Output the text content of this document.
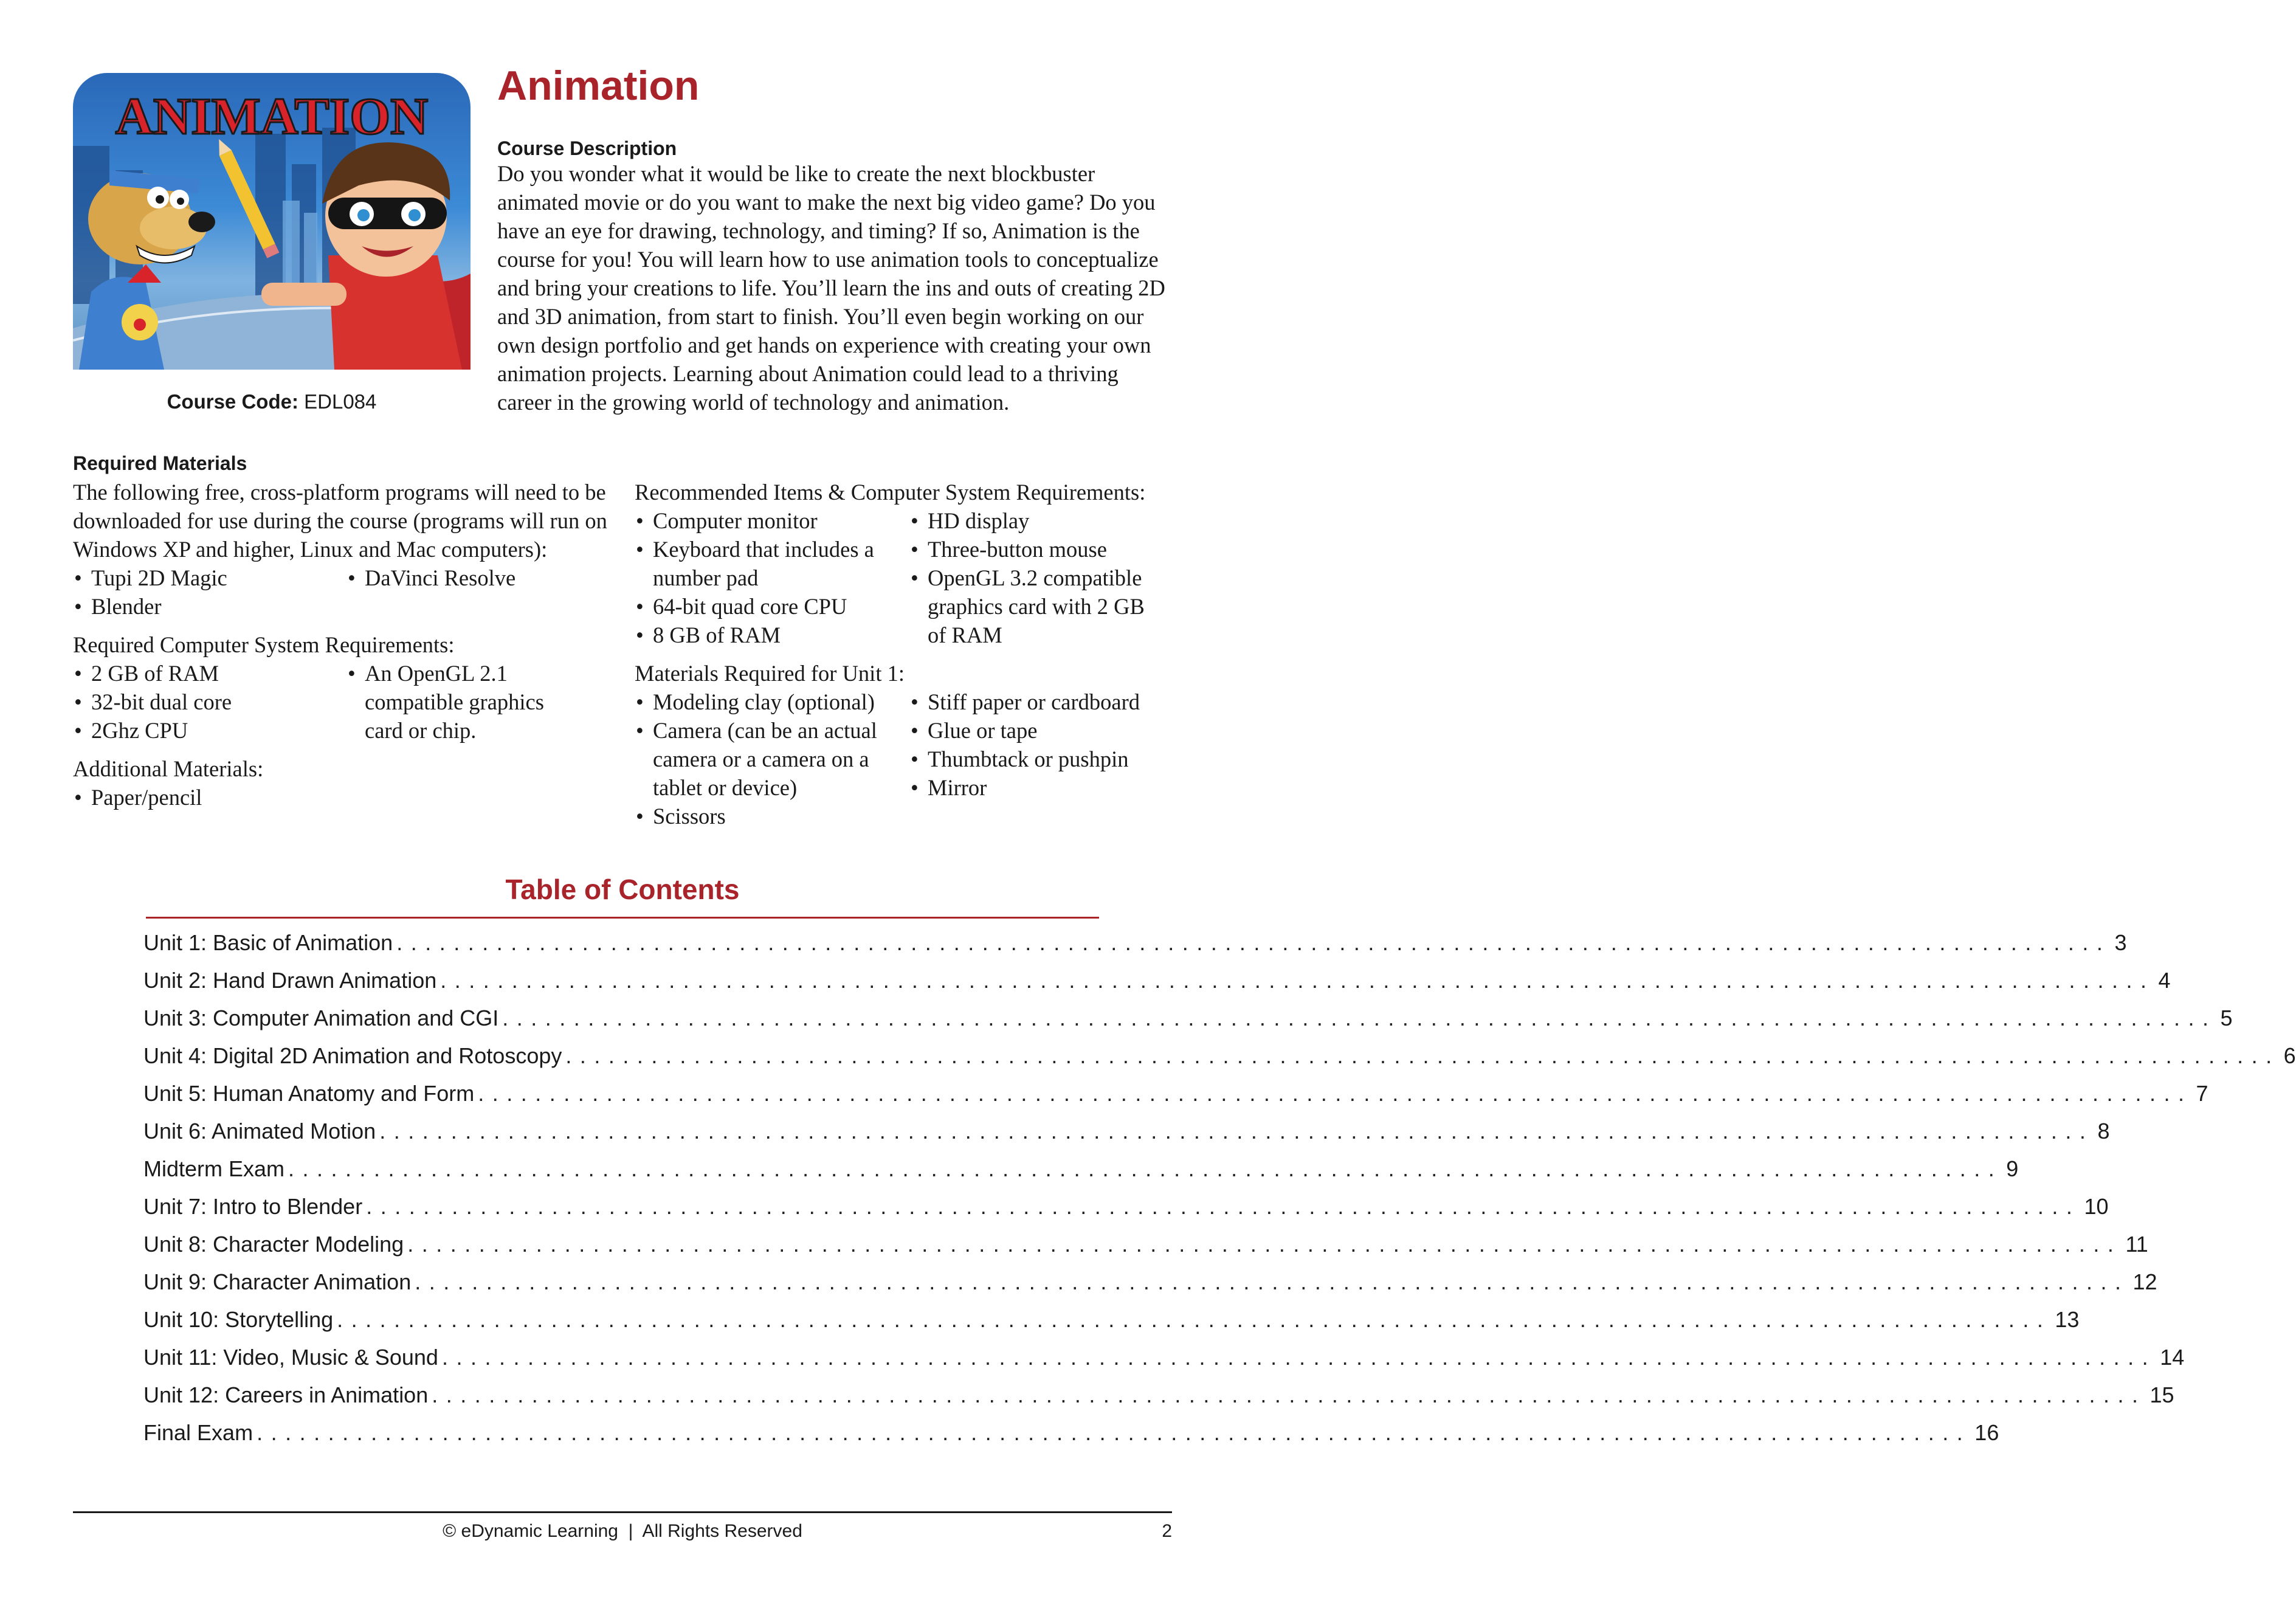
ANIMATION
Course Code: EDL084
Animation
Course Description

Do you wonder what it would be like to create the next blockbuster animated movie or do you want to make the next big video game? Do you have an eye for drawing, technology, and timing? If so, Animation is the course for you! You will learn how to use animation tools to conceptualize and bring your creations to life. You’ll learn the ins and outs of creating 2D and 3D animation, from start to finish. You’ll even begin working on our own design portfolio and get hands on experience with creating your own animation projects. Learning about Animation could lead to a thriving career in the growing world of technology and animation.

Required Materials

The following free, cross-platform programs will need to be downloaded for use during the course (programs will run on Windows XP and higher, Linux and Mac computers):

• Tupi 2D Magic
• Blender
• DaVinci Resolve

Required Computer System Requirements:

• 2 GB of RAM
• 32-bit dual core
• 2Ghz CPU
• An OpenGL 2.1 compatible graphics card or chip.

Additional Materials:

• Paper/pencil

Recommended Items & Computer System Requirements:

• Computer monitor
• Keyboard that includes a number pad
• 64-bit quad core CPU
• 8 GB of RAM
• HD display
• Three-button mouse
• OpenGL 3.2 compatible graphics card with 2 GB of RAM

Materials Required for Unit 1:

• Modeling clay (optional)
• Camera (can be an actual camera or a camera on a tablet or device)
• Scissors
• Stiff paper or cardboard
• Glue or tape
• Thumbtack or pushpin
• Mirror
Table of Contents
Unit 1: Basic of Animation ........................................................................................................................ 3
Unit 2: Hand Drawn Animation ........................................................................................................................ 4
Unit 3: Computer Animation and CGI ........................................................................................................................ 5
Unit 4: Digital 2D Animation and Rotoscopy ........................................................................................................................ 6
Unit 5: Human Anatomy and Form ........................................................................................................................ 7
Unit 6: Animated Motion ........................................................................................................................ 8
Midterm Exam ........................................................................................................................ 9
Unit 7: Intro to Blender ........................................................................................................................ 10
Unit 8: Character Modeling ........................................................................................................................ 11
Unit 9: Character Animation ........................................................................................................................ 12
Unit 10: Storytelling ........................................................................................................................ 13
Unit 11: Video, Music & Sound ........................................................................................................................ 14
Unit 12: Careers in Animation ........................................................................................................................ 15
Final Exam ........................................................................................................................ 16
© eDynamic Learning  |  All Rights Reserved	2
